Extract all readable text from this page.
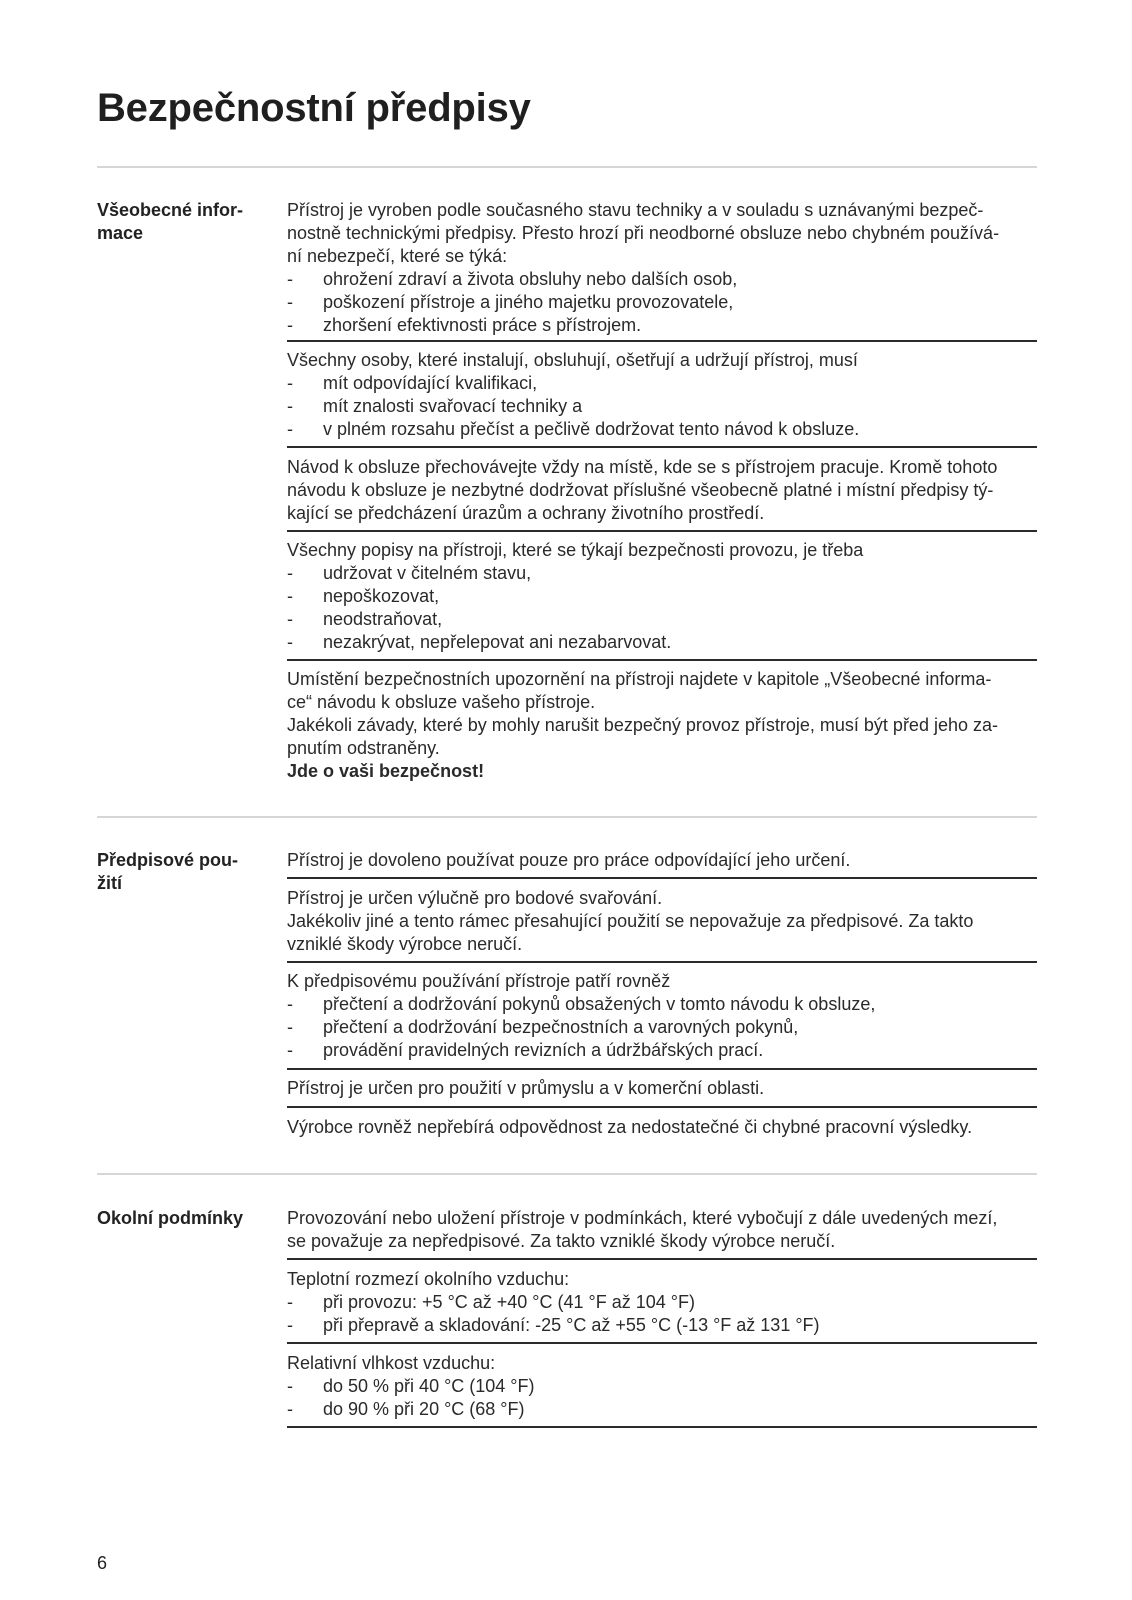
Bezpečnostní předpisy
Všeobecné infor-
mace
Přístroj je vyroben podle současného stavu techniky a v souladu s uznávanými bezpeč-
nostně technickými předpisy. Přesto hrozí při neodborné obsluze nebo chybném používá-
ní nebezpečí, které se týká:
- ohrožení zdraví a života obsluhy nebo dalších osob,
- poškození přístroje a jiného majetku provozovatele,
- zhoršení efektivnosti práce s přístrojem.
Všechny osoby, které instalují, obsluhují, ošetřují a udržují přístroj, musí
- mít odpovídající kvalifikaci,
- mít znalosti svařovací techniky a
- v plném rozsahu přečíst a pečlivě dodržovat tento návod k obsluze.
Návod k obsluze přechovávejte vždy na místě, kde se s přístrojem pracuje. Kromě tohoto
návodu k obsluze je nezbytné dodržovat příslušné všeobecně platné i místní předpisy tý-
kající se předcházení úrazům a ochrany životního prostředí.
Všechny popisy na přístroji, které se týkají bezpečnosti provozu, je třeba
- udržovat v čitelném stavu,
- nepoškozovat,
- neodstraňovat,
- nezakrývat, nepřelepovat ani nezabarvovat.
Umístění bezpečnostních upozornění na přístroji najdete v kapitole „Všeobecné informa-
ce“ návodu k obsluze vašeho přístroje.
Jakékoli závady, které by mohly narušit bezpečný provoz přístroje, musí být před jeho za-
pnutím odstraněny.
Jde o vaši bezpečnost!
Předpisové pou-
žití
Přístroj je dovoleno používat pouze pro práce odpovídající jeho určení.
Přístroj je určen výlučně pro bodové svařování.
Jakékoliv jiné a tento rámec přesahující použití se nepovažuje za předpisové. Za takto
vzniklé škody výrobce neručí.
K předpisovému používání přístroje patří rovněž
- přečtení a dodržování pokynů obsažených v tomto návodu k obsluze,
- přečtení a dodržování bezpečnostních a varovných pokynů,
- provádění pravidelných revizních a údržbářských prací.
Přístroj je určen pro použití v průmyslu a v komerční oblasti.
Výrobce rovněž nepřebírá odpovědnost za nedostatečné či chybné pracovní výsledky.
Okolní podmínky	Provozování nebo uložení přístroje v podmínkách, které vybočují z dále uvedených mezí,
se považuje za nepředpisové. Za takto vzniklé škody výrobce neručí.
Teplotní rozmezí okolního vzduchu:
- při provozu: +5 °C až +40 °C (41 °F až 104 °F)
- při přepravě a skladování: -25 °C až +55 °C (-13 °F až 131 °F)
Relativní vlhkost vzduchu:
- do 50 % při 40 °C (104 °F)
- do 90 % při 20 °C (68 °F)
6
